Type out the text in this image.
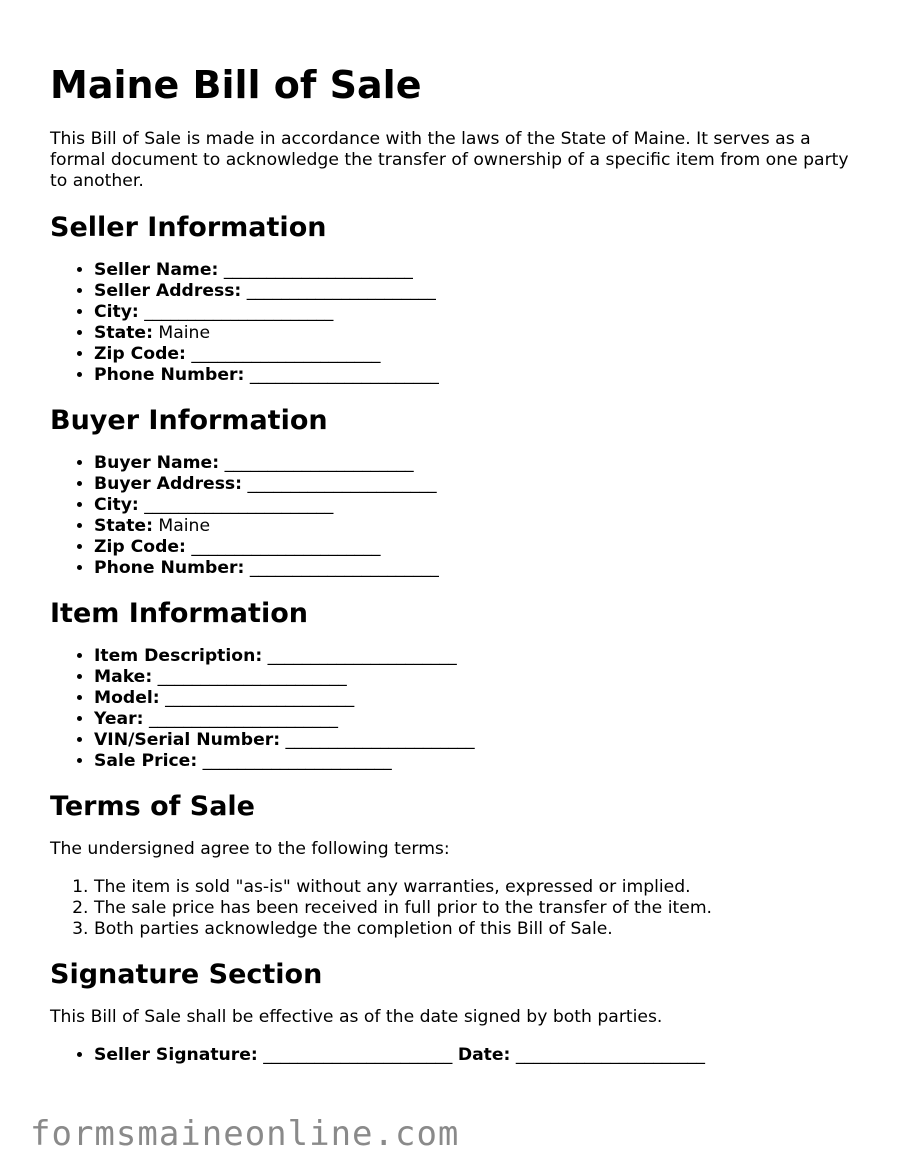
Maine Bill of Sale

This Bill of Sale is made in accordance with the laws of the State of Maine. It serves as a formal document to acknowledge the transfer of ownership of a specific item from one party to another.

Seller Information
• Seller Name: ______________________
• Seller Address: ______________________
• City: ______________________
• State: Maine
• Zip Code: ______________________
• Phone Number: ______________________
Buyer Information
• Buyer Name: ______________________
• Buyer Address: ______________________
• City: ______________________
• State: Maine
• Zip Code: ______________________
• Phone Number: ______________________
Item Information
• Item Description: ______________________
• Make: ______________________
• Model: ______________________
• Year: ______________________
• VIN/Serial Number: ______________________
• Sale Price: ______________________
Terms of Sale

The undersigned agree to the following terms:

1. The item is sold "as-is" without any warranties, expressed or implied.
2. The sale price has been received in full prior to the transfer of the item.
3. Both parties acknowledge the completion of this Bill of Sale.
Signature Section

This Bill of Sale shall be effective as of the date signed by both parties.

• Seller Signature: ______________________ Date: ______________________
formsmaineonline.com
